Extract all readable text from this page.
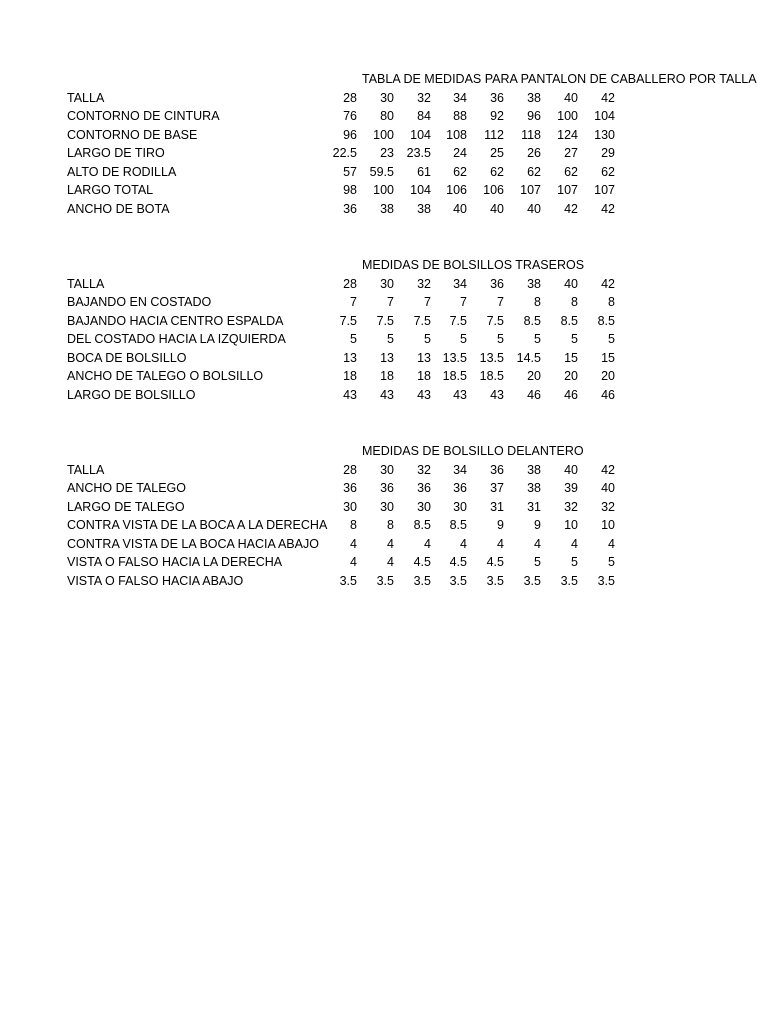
TABLA DE MEDIDAS PARA PANTALON DE CABALLERO POR TALLA
TALLA	28	30	32	34	36	38	40	42
CONTORNO DE CINTURA	76	80	84	88	92	96	100	104
CONTORNO DE BASE	96	100	104	108	112	118	124	130
LARGO DE TIRO	22.5	23	23.5	24	25	26	27	29
ALTO DE RODILLA	57	59.5	61	62	62	62	62	62
LARGO TOTAL	98	100	104	106	106	107	107	107
ANCHO DE BOTA	36	38	38	40	40	40	42	42
MEDIDAS DE BOLSILLOS TRASEROS
TALLA	28	30	32	34	36	38	40	42
BAJANDO EN COSTADO	7	7	7	7	7	8	8	8
BAJANDO HACIA CENTRO ESPALDA	7.5	7.5	7.5	7.5	7.5	8.5	8.5	8.5
DEL COSTADO HACIA LA IZQUIERDA	5	5	5	5	5	5	5	5
BOCA DE BOLSILLO	13	13	13 13.5	13.5	14.5	15	15
ANCHO DE TALEGO O BOLSILLO	18	18	18 18.5	18.5	20	20	20
LARGO DE BOLSILLO	43	43	43	43	43	46	46	46
MEDIDAS DE BOLSILLO DELANTERO
TALLA	28	30	32	34	36	38	40	42
ANCHO DE TALEGO	36	36	36	36	37	38	39	40
LARGO DE TALEGO	30	30	30	30	31	31	32	32
CONTRA VISTA DE LA BOCA A LA DERECHA	8	8	8.5	8.5	9	9	10	10
CONTRA VISTA DE LA BOCA HACIA ABAJO	4	4	4	4	4	4	4	4
VISTA O FALSO HACIA LA DERECHA	4	4	4.5	4.5	4.5	5	5	5
VISTA O FALSO HACIA ABAJO	3.5	3.5	3.5	3.5	3.5	3.5	3.5	3.5
